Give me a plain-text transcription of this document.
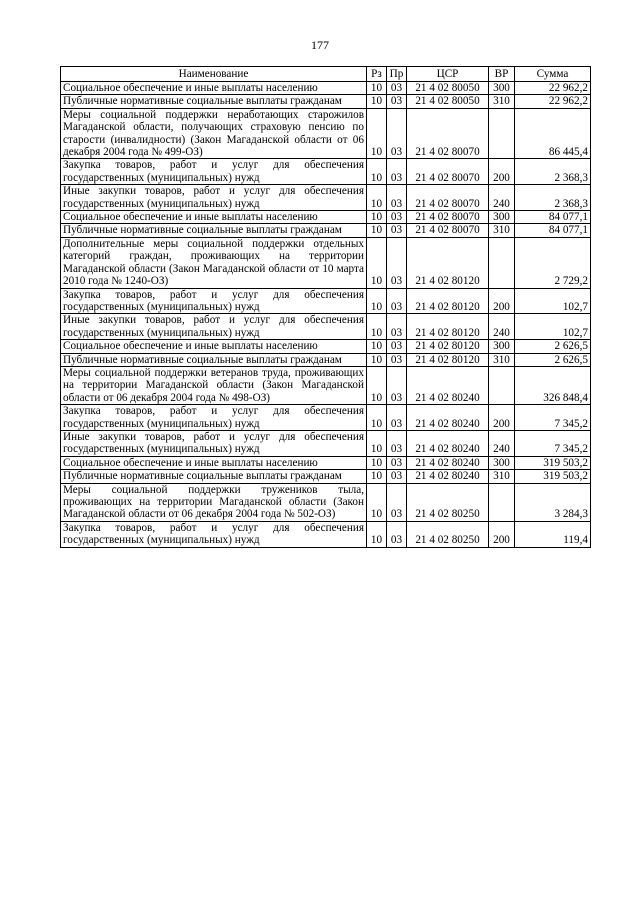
177
Наименование	Рз	Пр	ЦСР	ВР	Сумма
Социальное обеспечение и иные выплаты населению	10	03	21 4 02 80050	300	22 962,2
Публичные нормативные социальные выплаты гражданам	10	03	21 4 02 80050	310	22 962,2
Меры социальной поддержки неработающих старожилов Магаданской области, получающих страховую пенсию по старости (инвалидности) (Закон Магаданской области от 06 декабря 2004 года № 499-ОЗ)	10	03	21 4 02 80070		86 445,4
Закупка товаров, работ и услуг для обеспечения государственных (муниципальных) нужд	10	03	21 4 02 80070	200	2 368,3
Иные закупки товаров, работ и услуг для обеспечения государственных (муниципальных) нужд	10	03	21 4 02 80070	240	2 368,3
Социальное обеспечение и иные выплаты населению	10	03	21 4 02 80070	300	84 077,1
Публичные нормативные социальные выплаты гражданам	10	03	21 4 02 80070	310	84 077,1
Дополнительные меры социальной поддержки отдельных категорий граждан, проживающих на территории Магаданской области (Закон Магаданской области от 10 марта 2010 года № 1240-ОЗ)	10	03	21 4 02 80120		2 729,2
Закупка товаров, работ и услуг для обеспечения государственных (муниципальных) нужд	10	03	21 4 02 80120	200	102,7
Иные закупки товаров, работ и услуг для обеспечения государственных (муниципальных) нужд	10	03	21 4 02 80120	240	102,7
Социальное обеспечение и иные выплаты населению	10	03	21 4 02 80120	300	2 626,5
Публичные нормативные социальные выплаты гражданам	10	03	21 4 02 80120	310	2 626,5
Меры социальной поддержки ветеранов труда, проживающих на территории Магаданской области (Закон Магаданской области от 06 декабря 2004 года № 498-ОЗ)	10	03	21 4 02 80240		326 848,4
Закупка товаров, работ и услуг для обеспечения государственных (муниципальных) нужд	10	03	21 4 02 80240	200	7 345,2
Иные закупки товаров, работ и услуг для обеспечения государственных (муниципальных) нужд	10	03	21 4 02 80240	240	7 345,2
Социальное обеспечение и иные выплаты населению	10	03	21 4 02 80240	300	319 503,2
Публичные нормативные социальные выплаты гражданам	10	03	21 4 02 80240	310	319 503,2
Меры социальной поддержки тружеников тыла, проживающих на территории Магаданской области (Закон Магаданской области от 06 декабря 2004 года № 502-ОЗ)	10	03	21 4 02 80250		3 284,3
Закупка товаров, работ и услуг для обеспечения государственных (муниципальных) нужд	10	03	21 4 02 80250	200	119,4
